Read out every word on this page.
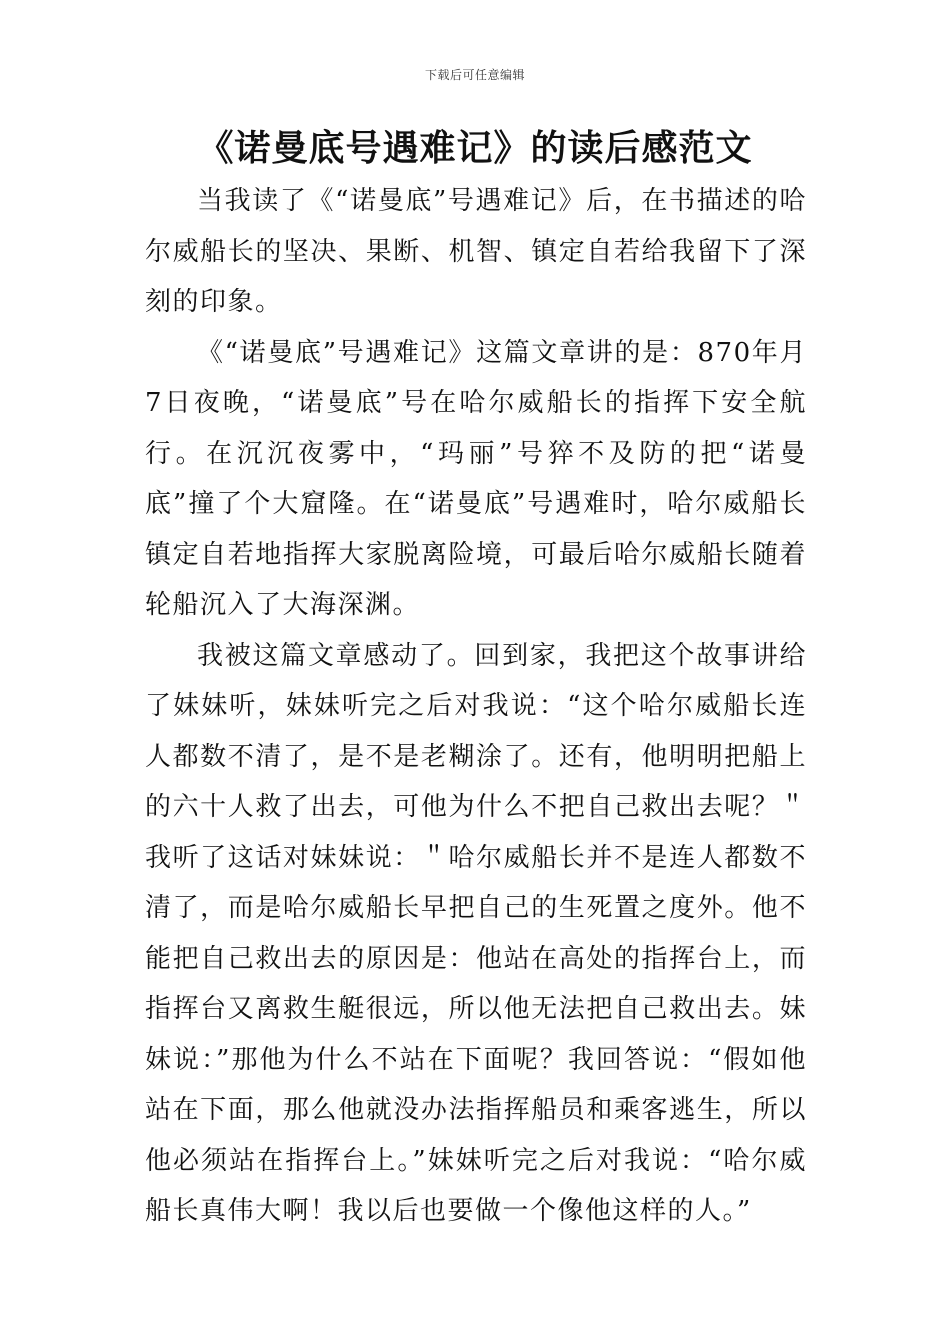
下载后可任意编辑
《诺曼底号遇难记》的读后感范文

当我读了《“诺曼底”号遇难记》后，在书描述的哈尔威船长的坚决、果断、机智、镇定自若给我留下了深刻的印象。

《“诺曼底”号遇难记》这篇文章讲的是：870年月7日夜晚，“诺曼底”号在哈尔威船长的指挥下安全航行。在沉沉夜雾中，“玛丽”号猝不及防的把“诺曼底”撞了个大窟隆。在“诺曼底”号遇难时，哈尔威船长镇定自若地指挥大家脱离险境，可最后哈尔威船长随着轮船沉入了大海深渊。

我被这篇文章感动了。回到家，我把这个故事讲给了妹妹听，妹妹听完之后对我说：“这个哈尔威船长连人都数不清了，是不是老糊涂了。还有，他明明把船上的六十人救了出去，可他为什么不把自己救出去呢？＂我听了这话对妹妹说：＂哈尔威船长并不是连人都数不清了，而是哈尔威船长早把自己的生死置之度外。他不能把自己救出去的原因是：他站在高处的指挥台上，而指挥台又离救生艇很远，所以他无法把自己救出去。妹妹说：”那他为什么不站在下面呢？我回答说：“假如他站在下面，那么他就没办法指挥船员和乘客逃生，所以他必须站在指挥台上。”妹妹听完之后对我说：“哈尔威船长真伟大啊！我以后也要做一个像他这样的人。”
